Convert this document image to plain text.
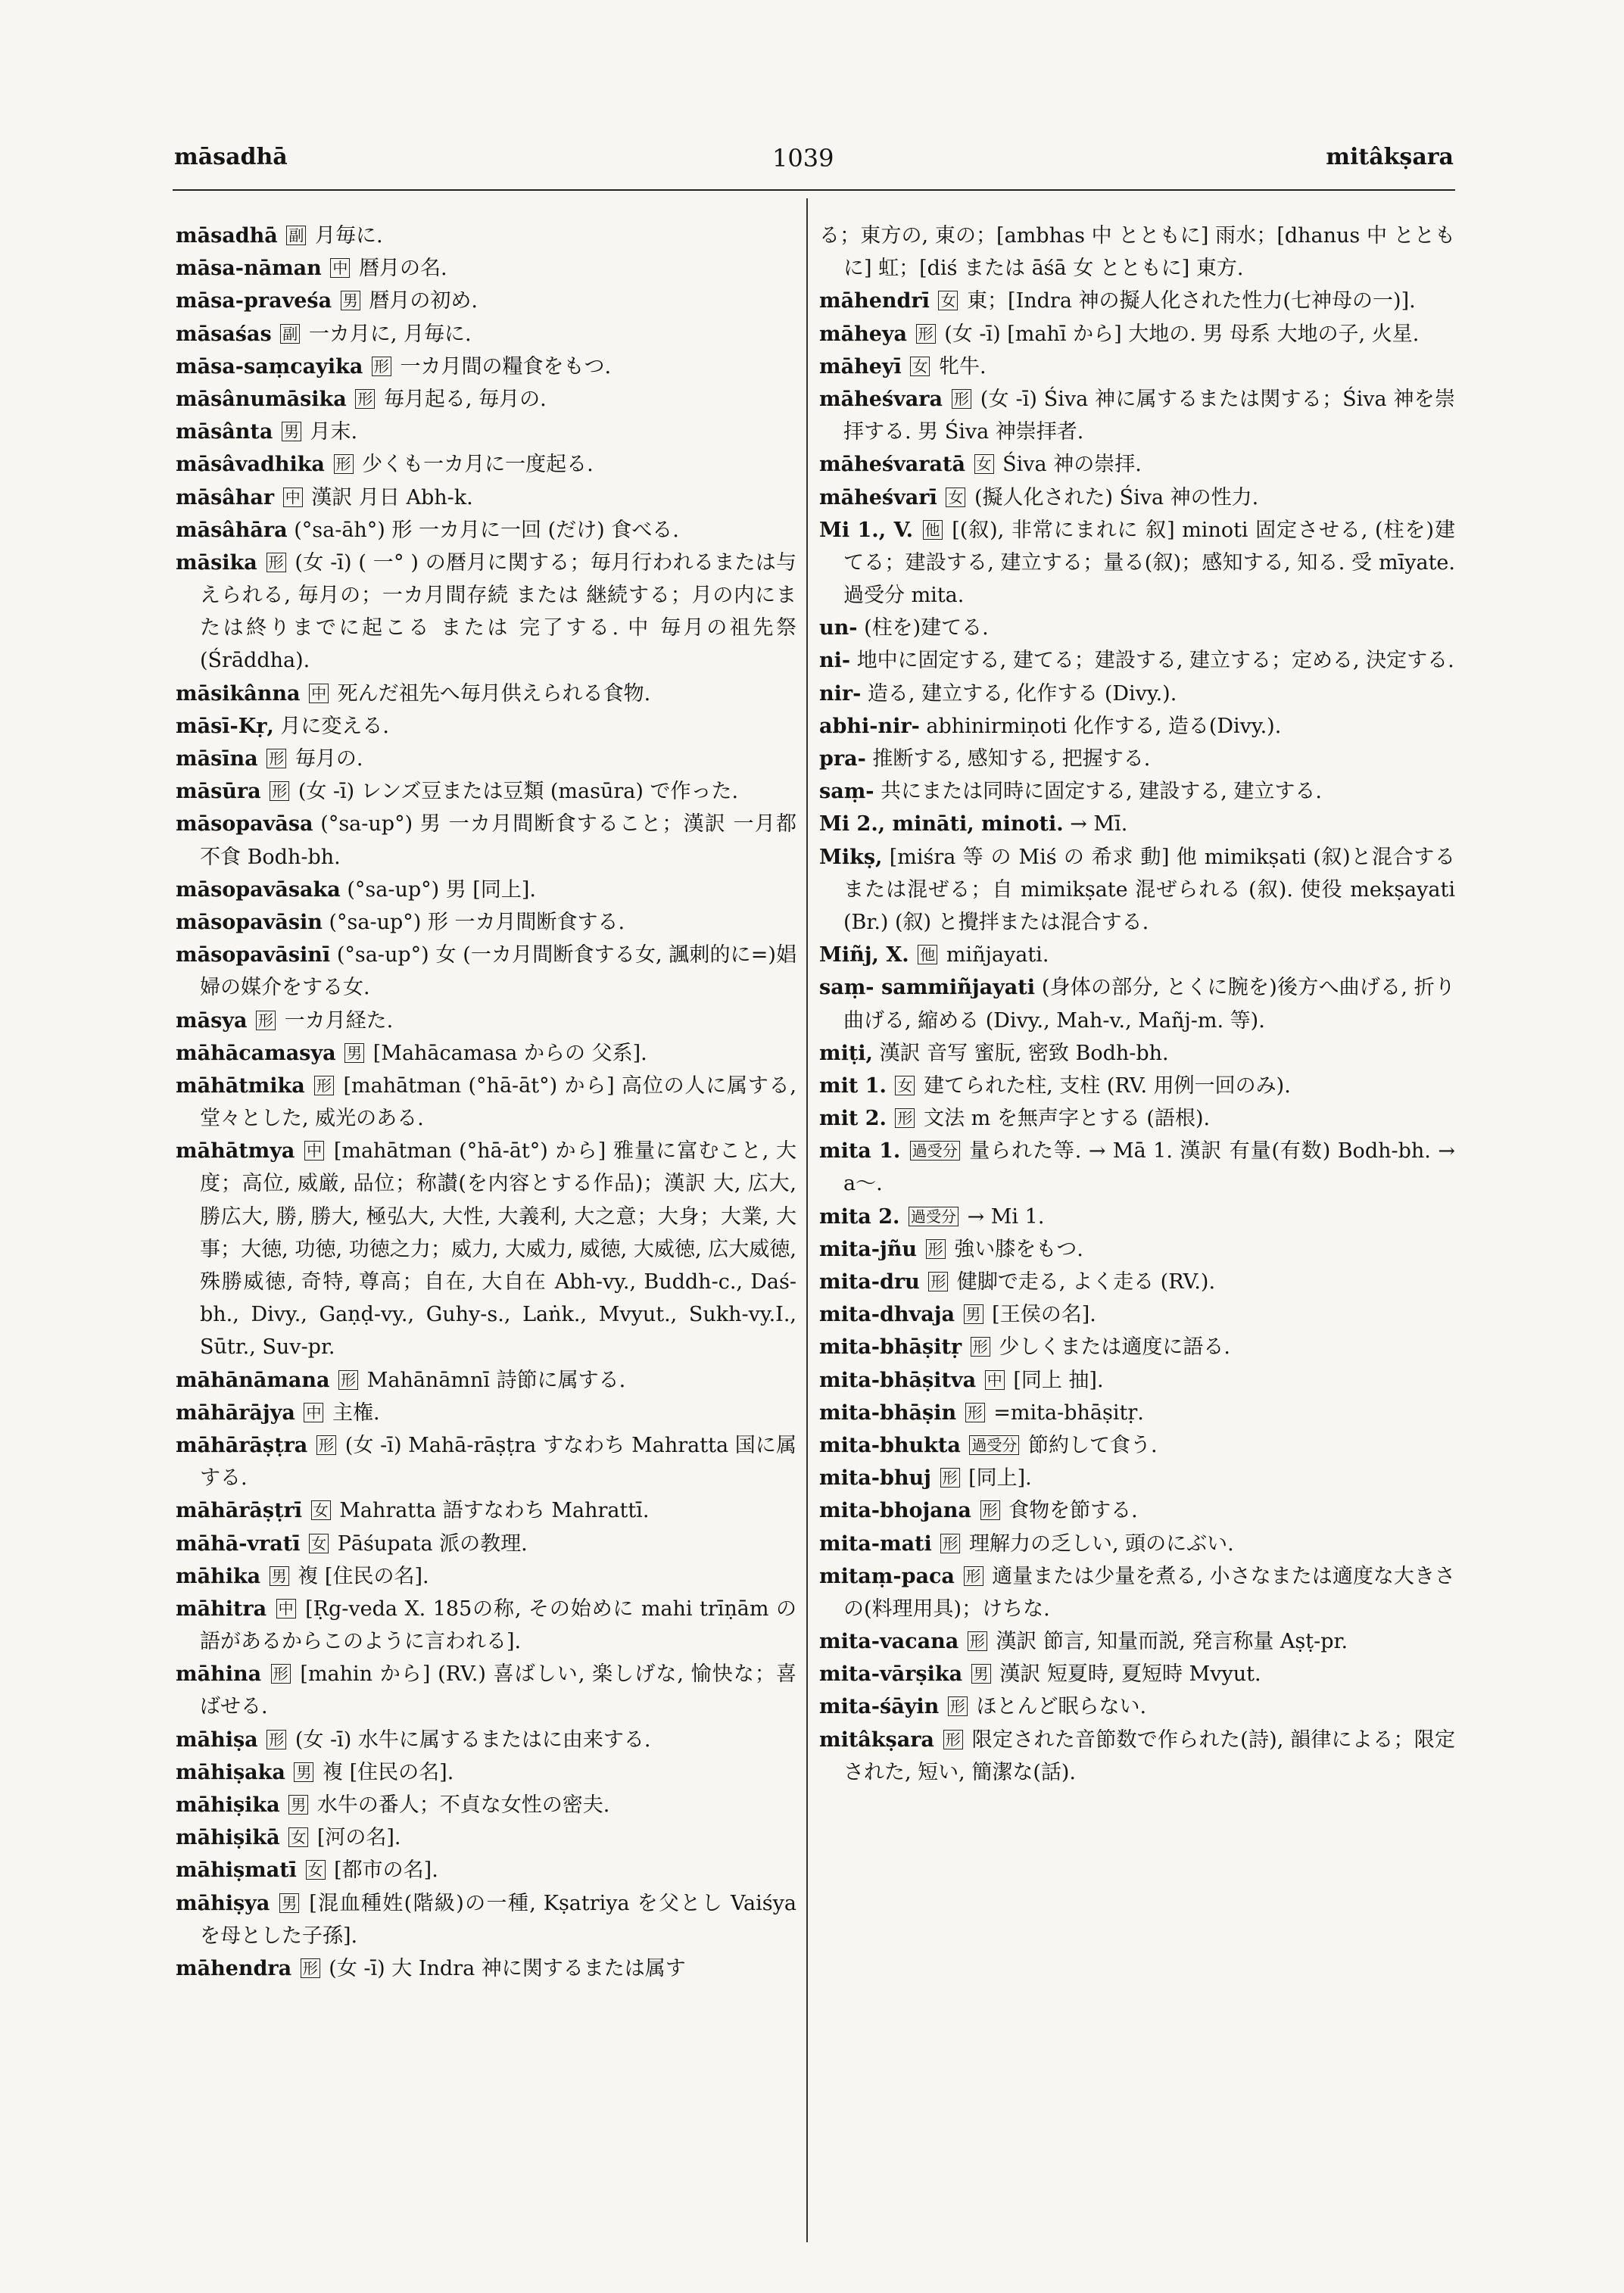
māsadhā	1039	mitâkṣara

māsadhā 副 月毎に.

māsa-nāman 中 暦月の名.

māsa-praveśa 男 暦月の初め.

māsaśas 副 一カ月に, 月毎に.

māsa-saṃcayika 形 一カ月間の糧食をもつ.

māsânumāsika 形 毎月起る, 毎月の.

māsânta 男 月末.

māsâvadhika 形 少くも一カ月に一度起る.

māsâhar 中 漢訳 月日 Abh-k.

māsâhāra (°sa-āh°) 形 一カ月に一回 (だけ) 食べる.

māsika 形 (女 -ī) ( 一° ) の暦月に関する；毎月行われるまたは与えられる, 毎月の；一カ月間存続 または 継続する；月の内にまたは終りまでに起こる または 完了する. 中 毎月の祖先祭 (Śrāddha).

māsikânna 中 死んだ祖先へ毎月供えられる食物.

māsī-Kṛ, 月に変える.

māsīna 形 毎月の.

māsūra 形 (女 -ī) レンズ豆または豆類 (masūra) で作った.

māsopavāsa (°sa-up°) 男 一カ月間断食すること；漢訳 一月都不食 Bodh-bh.

māsopavāsaka (°sa-up°) 男 [同上].

māsopavāsin (°sa-up°) 形 一カ月間断食する.

māsopavāsinī (°sa-up°) 女 (一カ月間断食する女, 諷刺的に=)娼婦の媒介をする女.

māsya 形 一カ月経た.

māhācamasya 男 [Mahācamasa からの 父系].

māhātmika 形 [mahātman (°hā-āt°) から] 高位の人に属する, 堂々とした, 威光のある.

māhātmya 中 [mahātman (°hā-āt°) から] 雅量に富むこと, 大度；高位, 威厳, 品位；称讃(を内容とする作品)；漢訳 大, 広大, 勝広大, 勝, 勝大, 極弘大, 大性, 大義利, 大之意；大身；大業, 大事；大徳, 功徳, 功徳之力；威力, 大威力, 威徳, 大威徳, 広大威徳, 殊勝威徳, 奇特, 尊高；自在, 大自在 Abh-vy., Buddh-c., Daś-bh., Divy., Gaṇḍ-vy., Guhy-s., Laṅk., Mvyut., Sukh-vy.I., Sūtr., Suv-pr.

māhānāmana 形 Mahānāmnī 詩節に属する.

māhārājya 中 主権.

māhārāṣṭra 形 (女 -ī) Mahā-rāṣṭra すなわち Mahratta 国に属する.

māhārāṣṭrī 女 Mahratta 語すなわち Mahrattī.

māhā-vratī 女 Pāśupata 派の教理.

māhika 男 複 [住民の名].

māhitra 中 [Ṛg-veda X. 185の称, その始めに mahi trīṇām の語があるからこのように言われる].

māhina 形 [mahin から] (RV.) 喜ばしい, 楽しげな, 愉快な；喜ばせる.

māhiṣa 形 (女 -ī) 水牛に属するまたはに由来する.

māhiṣaka 男 複 [住民の名].

māhiṣika 男 水牛の番人；不貞な女性の密夫.

māhiṣikā 女 [河の名].

māhiṣmatī 女 [都市の名].

māhiṣya 男 [混血種姓(階級)の一種, Kṣatriya を父とし Vaiśya を母とした子孫].

māhendra 形 (女 -ī) 大 Indra 神に関するまたは属す

る；東方の, 東の；[ambhas 中 とともに] 雨水；[dhanus 中 とともに] 虹；[diś または āśā 女 とともに] 東方.

māhendrī 女 東；[Indra 神の擬人化された性力(七神母の一)].

māheya 形 (女 -ī) [mahī から] 大地の. 男 母系 大地の子, 火星.

māheyī 女 牝牛.

māheśvara 形 (女 -ī) Śiva 神に属するまたは関する；Śiva 神を崇拝する. 男 Śiva 神崇拝者.

māheśvaratā 女 Śiva 神の崇拝.

māheśvarī 女 (擬人化された) Śiva 神の性力.

Mi 1., V. 他 [(叙), 非常にまれに 叙] minoti 固定させる, (柱を)建てる；建設する, 建立する；量る(叙)；感知する, 知る. 受 mīyate. 過受分 mita.

un- (柱を)建てる.

ni- 地中に固定する, 建てる；建設する, 建立する；定める, 決定する.

nir- 造る, 建立する, 化作する (Divy.).

abhi-nir- abhinirmiṇoti 化作する, 造る(Divy.).

pra- 推断する, 感知する, 把握する.

saṃ- 共にまたは同時に固定する, 建設する, 建立する.

Mi 2., mināti, minoti. → Mī.

Mikṣ, [miśra 等 の Miś の 希求 動] 他 mimikṣati (叙)と混合するまたは混ぜる；自 mimikṣate 混ぜられる (叙). 使役 mekṣayati (Br.) (叙) と攪拌または混合する.

Miñj, X. 他 miñjayati.

saṃ- sammiñjayati (身体の部分, とくに腕を)後方へ曲げる, 折り曲げる, 縮める (Divy., Mah-v., Mañj-m. 等).

miṭi, 漢訳 音写 蜜朊, 密致 Bodh-bh.

mit 1. 女 建てられた柱, 支柱 (RV. 用例一回のみ).

mit 2. 形 文法 m を無声字とする (語根).

mita 1. 過受分 量られた等. → Mā 1. 漢訳 有量(有数) Bodh-bh. → a～.

mita 2. 過受分 → Mi 1.

mita-jñu 形 強い膝をもつ.

mita-dru 形 健脚で走る, よく走る (RV.).

mita-dhvaja 男 [王侯の名].

mita-bhāṣitṛ 形 少しくまたは適度に語る.

mita-bhāṣitva 中 [同上 抽].

mita-bhāṣin 形 =mita-bhāṣitṛ.

mita-bhukta 過受分 節約して食う.

mita-bhuj 形 [同上].

mita-bhojana 形 食物を節する.

mita-mati 形 理解力の乏しい, 頭のにぶい.

mitaṃ-paca 形 適量または少量を煮る, 小さなまたは適度な大きさの(料理用具)；けちな.

mita-vacana 形 漢訳 節言, 知量而説, 発言称量 Aṣṭ-pr.

mita-vārṣika 男 漢訳 短夏時, 夏短時 Mvyut.

mita-śāyin 形 ほとんど眠らない.

mitâkṣara 形 限定された音節数で作られた(詩), 韻律による；限定された, 短い, 簡潔な(話).
